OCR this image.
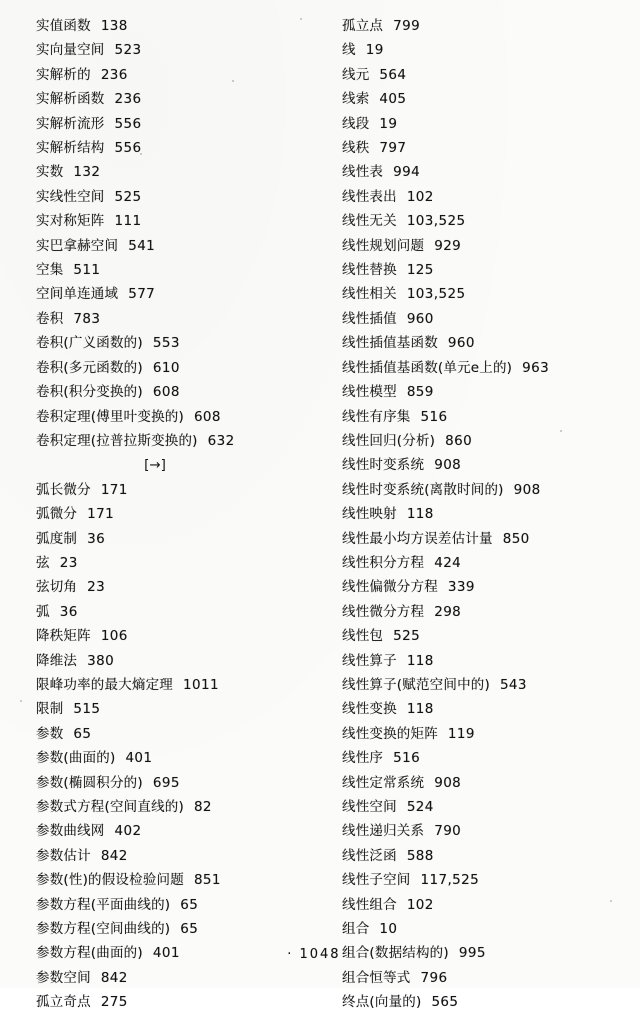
实值函数 138
实向量空间 523
实解析的 236
实解析函数 236
实解析流形 556
实解析结构 556
实数 132
实线性空间 525
实对称矩阵 111
实巴拿赫空间 541
空集 511
空间单连通域 577
卷积 783
卷积(广义函数的) 553
卷积(多元函数的) 610
卷积(积分变换的) 608
卷积定理(傅里叶变换的) 608
卷积定理(拉普拉斯变换的) 632
[→]
弧长微分 171
弧微分 171
弧度制 36
弦 23
弦切角 23
弧 36
降秩矩阵 106
降维法 380
限峰功率的最大熵定理 1011
限制 515
参数 65
参数(曲面的) 401
参数(椭圆积分的) 695
参数式方程(空间直线的) 82
参数曲线网 402
参数估计 842
参数(性)的假设检验问题 851
参数方程(平面曲线的) 65
参数方程(空间曲线的) 65
参数方程(曲面的) 401
参数空间 842
孤立奇点 275
孤立点 799
线 19
线元 564
线索 405
线段 19
线秩 797
线性表 994
线性表出 102
线性无关 103,525
线性规划问题 929
线性替换 125
线性相关 103,525
线性插值 960
线性插值基函数 960
线性插值基函数(单元e上的) 963
线性模型 859
线性有序集 516
线性回归(分析) 860
线性时变系统 908
线性时变系统(离散时间的) 908
线性映射 118
线性最小均方误差估计量 850
线性积分方程 424
线性偏微分方程 339
线性微分方程 298
线性包 525
线性算子 118
线性算子(赋范空间中的) 543
线性变换 118
线性变换的矩阵 119
线性序 516
线性定常系统 908
线性空间 524
线性递归关系 790
线性泛函 588
线性子空间 117,525
线性组合 102
组合 10
组合(数据结构的) 995
组合恒等式 796
终点(向量的) 565
· 1048 ·
